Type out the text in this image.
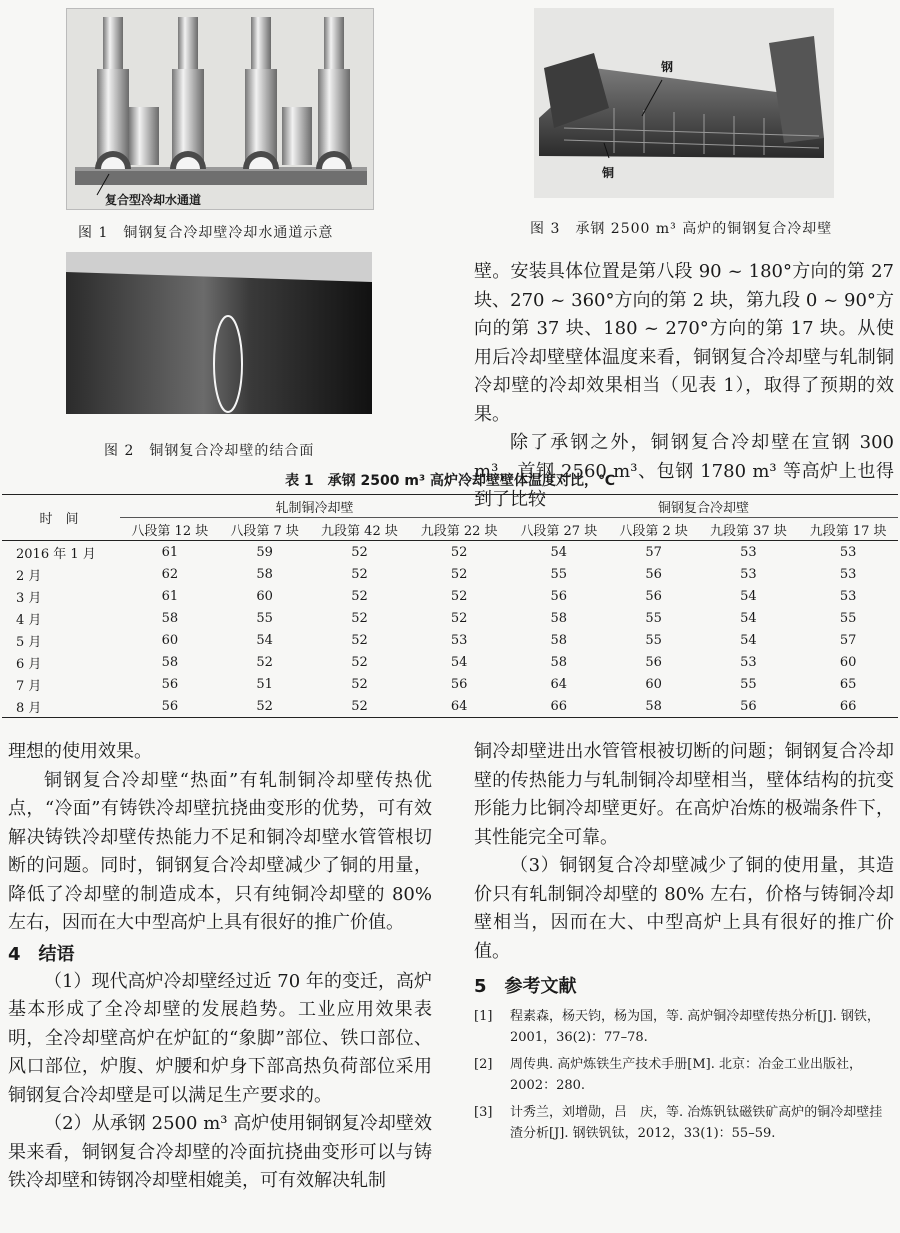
复合型冷却水通道
图 1　铜钢复合冷却壁冷却水通道示意
钢
铜
图 3　承钢 2500 m³ 高炉的铜钢复合冷却壁
图 2　铜钢复合冷却壁的结合面

壁。安装具体位置是第八段 90 ~ 180°方向的第 27 块、270 ~ 360°方向的第 2 块，第九段 0 ~ 90°方向的第 37 块、180 ~ 270°方向的第 17 块。从使用后冷却壁壁体温度来看，铜钢复合冷却壁与轧制铜冷却壁的冷却效果相当（见表 1），取得了预期的效果。

除了承钢之外，铜钢复合冷却壁在宣钢 300 m³、首钢 2560 m³、包钢 1780 m³ 等高炉上也得到了比较

表 1　承钢 2500 m³ 高炉冷却壁壁体温度对比，℃
时　间	轧制铜冷却壁				铜钢复合冷却壁			
	八段第 12 块	八段第 7 块	九段第 42 块	九段第 22 块	八段第 27 块	八段第 2 块	九段第 37 块	九段第 17 块
2016 年 1 月	61	59	52	52	54	57	53	53
2 月	62	58	52	52	55	56	53	53
3 月	61	60	52	52	56	56	54	53
4 月	58	55	52	52	58	55	54	55
5 月	60	54	52	53	58	55	54	57
6 月	58	52	52	54	58	56	53	60
7 月	56	51	52	56	64	60	55	65
8 月	56	52	52	64	66	58	56	66

理想的使用效果。

铜钢复合冷却壁“热面”有轧制铜冷却壁传热优点，“冷面”有铸铁冷却壁抗挠曲变形的优势，可有效解决铸铁冷却壁传热能力不足和铜冷却壁水管管根切断的问题。同时，铜钢复合冷却壁减少了铜的用量，降低了冷却壁的制造成本，只有纯铜冷却壁的 80% 左右，因而在大中型高炉上具有很好的推广价值。

4　结语

（1）现代高炉冷却壁经过近 70 年的变迁，高炉基本形成了全冷却壁的发展趋势。工业应用效果表明，全冷却壁高炉在炉缸的“象脚”部位、铁口部位、风口部位，炉腹、炉腰和炉身下部高热负荷部位采用铜钢复合冷却壁是可以满足生产要求的。

（2）从承钢 2500 m³ 高炉使用铜钢复冷却壁效果来看，铜钢复合冷却壁的冷面抗挠曲变形可以与铸铁冷却壁和铸钢冷却壁相媲美，可有效解决轧制

铜冷却壁进出水管管根被切断的问题；铜钢复合冷却壁的传热能力与轧制铜冷却壁相当，壁体结构的抗变形能力比铜冷却壁更好。在高炉冶炼的极端条件下，其性能完全可靠。

（3）铜钢复合冷却壁减少了铜的使用量，其造价只有轧制铜冷却壁的 80% 左右，价格与铸铜冷却壁相当，因而在大、中型高炉上具有很好的推广价值。

5　参考文献
[1]	程素森，杨天钧，杨为国，等. 高炉铜冷却壁传热分析[J]. 钢铁，2001，36(2)：77–78.
[2]	周传典. 高炉炼铁生产技术手册[M]. 北京：冶金工业出版社，2002：280.
[3]	计秀兰，刘增勋，吕　庆，等. 冶炼钒钛磁铁矿高炉的铜冷却壁挂渣分析[J]. 钢铁钒钛，2012，33(1)：55–59.
